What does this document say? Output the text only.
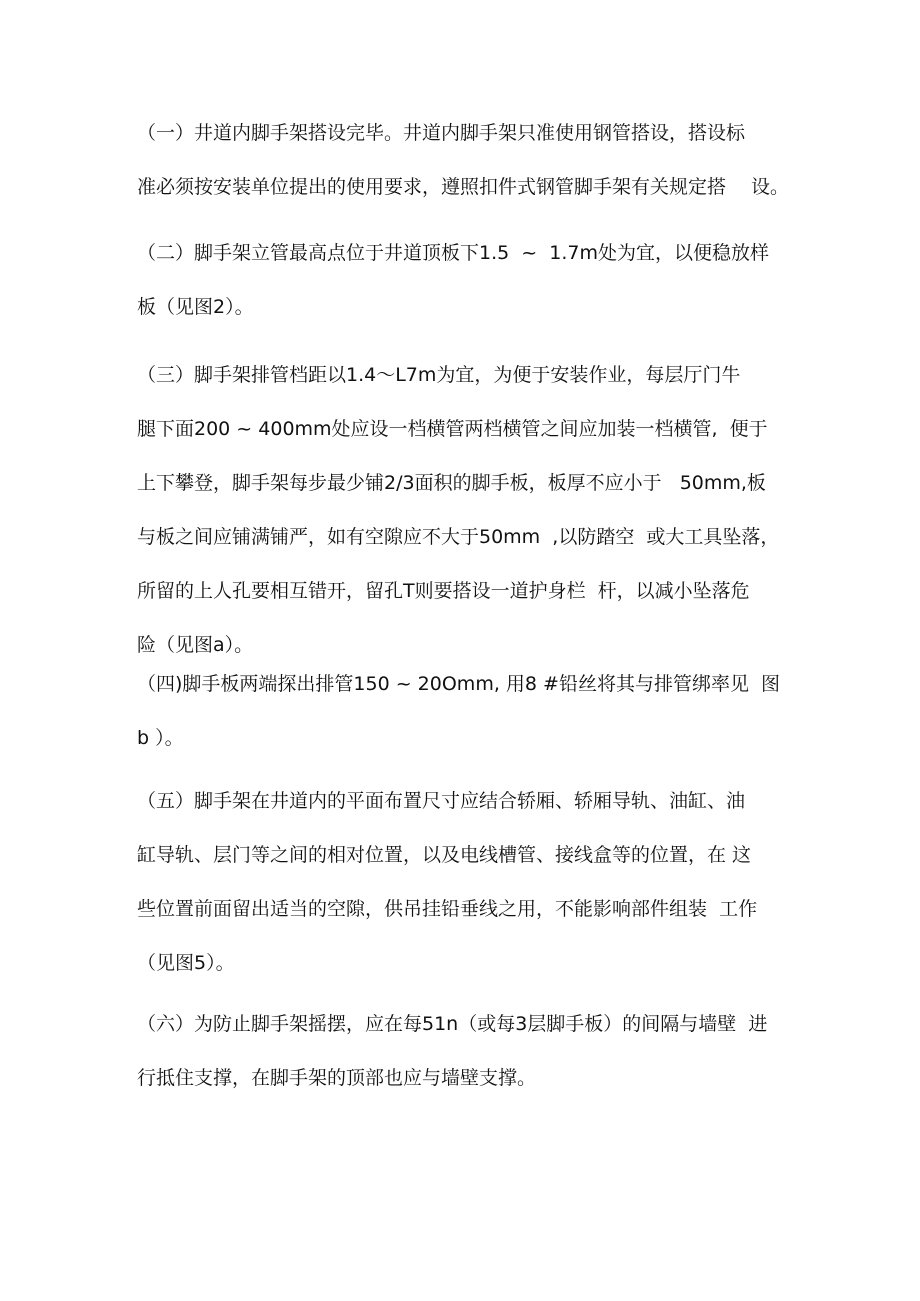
（一）井道内脚手架搭设完毕。井道内脚手架只准使用钢管搭设，搭设标
准必须按安装单位提出的使用要求，遵照扣件式钢管脚手架有关规定搭　 设。
（二）脚手架立管最高点位于井道顶板下1.5  ~  1.7m处为宜，以便稳放样
板（见图2）。
（三）脚手架排管档距以1.4～L7m为宜，为便于安装作业，每层厅门牛
腿下面200 ~ 400mm处应设一档横管两档横管之间应加装一档横管,  便于
上下攀登，脚手架每步最少铺2/3面积的脚手板，板厚不应小于   50mm,板
与板之间应铺满铺严，如有空隙应不大于50mm  ,以防踏空  或大工具坠落，
所留的上人孔要相互错开，留孔T则要搭设一道护身栏  杆，以减小坠落危
险（见图a）。
（四)脚手板两端探出排管150 ~ 20Omm, 用8 #铅丝将其与排管绑率见  图
b ）。
（五）脚手架在井道内的平面布置尺寸应结合轿厢、轿厢导轨、油缸、油
缸导轨、层门等之间的相对位置，以及电线槽管、接线盒等的位置，在 这
些位置前面留出适当的空隙，供吊挂铅垂线之用，不能影响部件组装  工作
（见图5）。
（六）为防止脚手架摇摆，应在每51n（或每3层脚手板）的间隔与墙壁  进
行抵住支撑，在脚手架的顶部也应与墙壁支撑。
